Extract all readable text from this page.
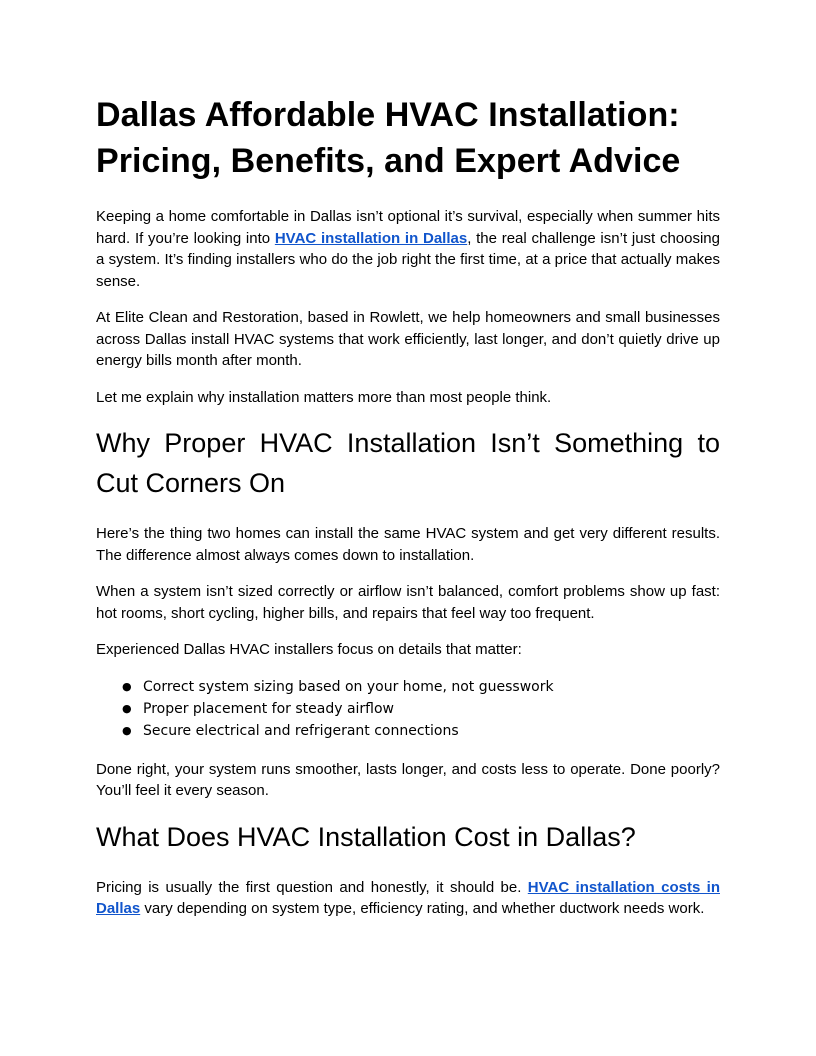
Dallas Affordable HVAC Installation: Pricing, Benefits, and Expert Advice

Keeping a home comfortable in Dallas isn’t optional it’s survival, especially when summer hits hard. If you’re looking into HVAC installation in Dallas, the real challenge isn’t just choosing a system. It’s finding installers who do the job right the first time, at a price that actually makes sense.

At Elite Clean and Restoration, based in Rowlett, we help homeowners and small businesses across Dallas install HVAC systems that work efficiently, last longer, and don’t quietly drive up energy bills month after month.

Let me explain why installation matters more than most people think.

Why Proper HVAC Installation Isn’t Something to Cut Corners On

Here’s the thing two homes can install the same HVAC system and get very different results. The difference almost always comes down to installation.

When a system isn’t sized correctly or airflow isn’t balanced, comfort problems show up fast: hot rooms, short cycling, higher bills, and repairs that feel way too frequent.

Experienced Dallas HVAC installers focus on details that matter:

● Correct system sizing based on your home, not guesswork
● Proper placement for steady airflow
● Secure electrical and refrigerant connections

Done right, your system runs smoother, lasts longer, and costs less to operate. Done poorly? You’ll feel it every season.

What Does HVAC Installation Cost in Dallas?

Pricing is usually the first question and honestly, it should be. HVAC installation costs in Dallas vary depending on system type, efficiency rating, and whether ductwork needs work.
